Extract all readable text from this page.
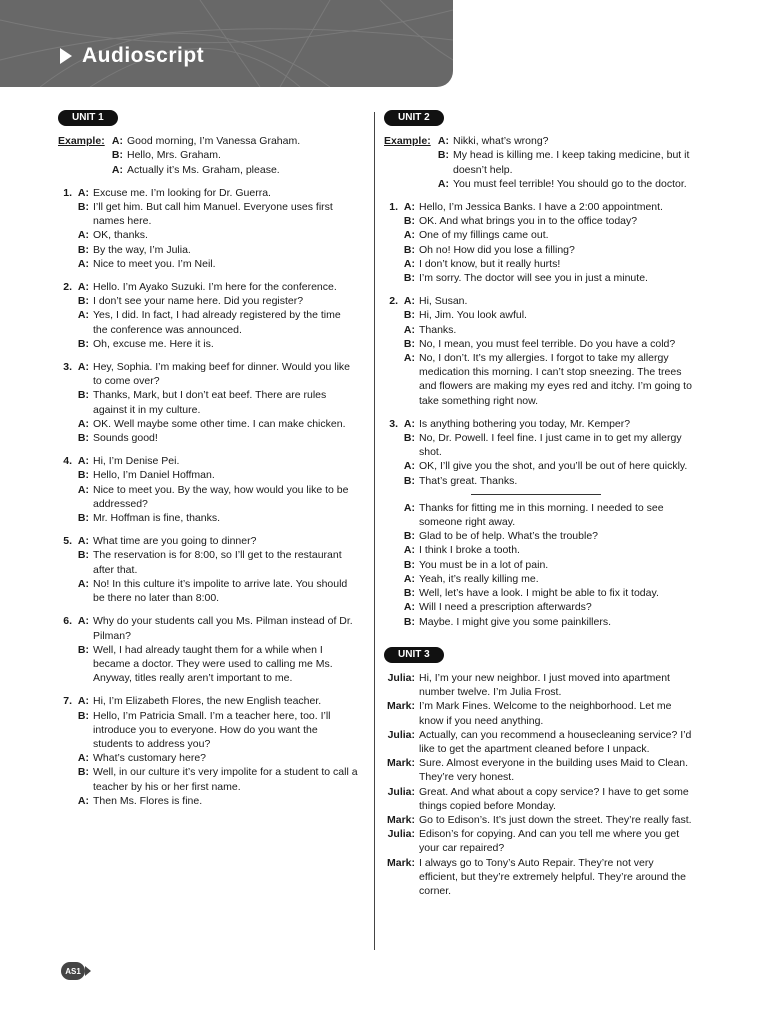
Audioscript
UNIT 1
Example: A: Good morning, I’m Vanessa Graham.
B: Hello, Mrs. Graham.
A: Actually it’s Ms. Graham, please.
1. A: Excuse me. I’m looking for Dr. Guerra.
B: I’ll get him. But call him Manuel. Everyone uses first names here.
A: OK, thanks.
B: By the way, I’m Julia.
A: Nice to meet you. I’m Neil.
2. A: Hello. I’m Ayako Suzuki. I’m here for the conference.
B: I don’t see your name here. Did you register?
A: Yes, I did. In fact, I had already registered by the time the conference was announced.
B: Oh, excuse me. Here it is.
3. A: Hey, Sophia. I’m making beef for dinner. Would you like to come over?
B: Thanks, Mark, but I don’t eat beef. There are rules against it in my culture.
A: OK. Well maybe some other time. I can make chicken.
B: Sounds good!
4. A: Hi, I’m Denise Pei.
B: Hello, I’m Daniel Hoffman.
A: Nice to meet you. By the way, how would you like to be addressed?
B: Mr. Hoffman is fine, thanks.
5. A: What time are you going to dinner?
B: The reservation is for 8:00, so I’ll get to the restaurant after that.
A: No! In this culture it’s impolite to arrive late. You should be there no later than 8:00.
6. A: Why do your students call you Ms. Pilman instead of Dr. Pilman?
B: Well, I had already taught them for a while when I became a doctor. They were used to calling me Ms. Anyway, titles really aren’t important to me.
7. A: Hi, I’m Elizabeth Flores, the new English teacher.
B: Hello, I’m Patricia Small. I’m a teacher here, too. I’ll introduce you to everyone. How do you want the students to address you?
A: What’s customary here?
B: Well, in our culture it’s very impolite for a student to call a teacher by his or her first name.
A: Then Ms. Flores is fine.
UNIT 2
Example: A: Nikki, what’s wrong?
B: My head is killing me. I keep taking medicine, but it doesn’t help.
A: You must feel terrible! You should go to the doctor.
1. A: Hello, I’m Jessica Banks. I have a 2:00 appointment.
B: OK. And what brings you in to the office today?
A: One of my fillings came out.
B: Oh no! How did you lose a filling?
A: I don’t know, but it really hurts!
B: I’m sorry. The doctor will see you in just a minute.
2. A: Hi, Susan.
B: Hi, Jim. You look awful.
A: Thanks.
B: No, I mean, you must feel terrible. Do you have a cold?
A: No, I don’t. It’s my allergies. I forgot to take my allergy medication this morning. I can’t stop sneezing. The trees and flowers are making my eyes red and itchy. I’m going to take something right now.
3. A: Is anything bothering you today, Mr. Kemper?
B: No, Dr. Powell. I feel fine. I just came in to get my allergy shot.
A: OK, I’ll give you the shot, and you’ll be out of here quickly.
B: That’s great. Thanks.
A: Thanks for fitting me in this morning. I needed to see someone right away.
B: Glad to be of help. What’s the trouble?
A: I think I broke a tooth.
B: You must be in a lot of pain.
A: Yeah, it’s really killing me.
B: Well, let’s have a look. I might be able to fix it today.
A: Will I need a prescription afterwards?
B: Maybe. I might give you some painkillers.
UNIT 3
Julia: Hi, I’m your new neighbor. I just moved into apartment number twelve. I’m Julia Frost.
Mark: I’m Mark Fines. Welcome to the neighborhood. Let me know if you need anything.
Julia: Actually, can you recommend a housecleaning service? I’d like to get the apartment cleaned before I unpack.
Mark: Sure. Almost everyone in the building uses Maid to Clean. They’re very honest.
Julia: Great. And what about a copy service? I have to get some things copied before Monday.
Mark: Go to Edison’s. It’s just down the street. They’re really fast.
Julia: Edison’s for copying. And can you tell me where you get your car repaired?
Mark: I always go to Tony’s Auto Repair. They’re not very efficient, but they’re extremely helpful. They’re around the corner.
AS1
